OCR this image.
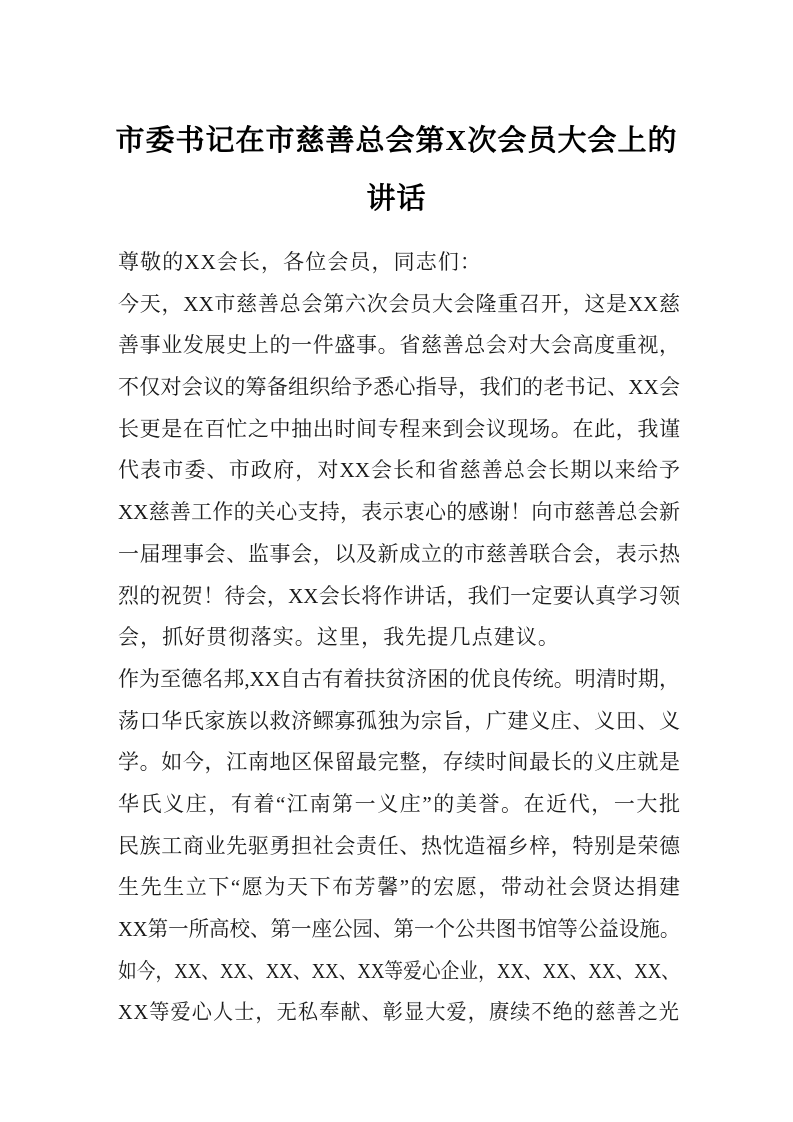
市委书记在市慈善总会第X次会员大会上的
讲话
尊敬的XX会长，各位会员，同志们：
今天，XX市慈善总会第六次会员大会隆重召开，这是XX慈
善事业发展史上的一件盛事。省慈善总会对大会高度重视，
不仅对会议的筹备组织给予悉心指导，我们的老书记、XX会
长更是在百忙之中抽出时间专程来到会议现场。在此，我谨
代表市委、市政府，对XX会长和省慈善总会长期以来给予
XX慈善工作的关心支持，表示衷心的感谢！向市慈善总会新
一届理事会、监事会，以及新成立的市慈善联合会，表示热
烈的祝贺！待会，XX会长将作讲话，我们一定要认真学习领
会，抓好贯彻落实。这里，我先提几点建议。
作为至德名邦,XX自古有着扶贫济困的优良传统。明清时期，
荡口华氏家族以救济鳏寡孤独为宗旨，广建义庄、义田、义
学。如今，江南地区保留最完整，存续时间最长的义庄就是
华氏义庄，有着“江南第一义庄”的美誉。在近代，一大批
民族工商业先驱勇担社会责任、热忱造福乡梓，特别是荣德
生先生立下“愿为天下布芳馨”的宏愿，带动社会贤达捐建
XX第一所高校、第一座公园、第一个公共图书馆等公益设施。
如今，XX、XX、XX、XX、XX等爱心企业，XX、XX、XX、XX、
XX等爱心人士，无私奉献、彰显大爱，赓续不绝的慈善之光
